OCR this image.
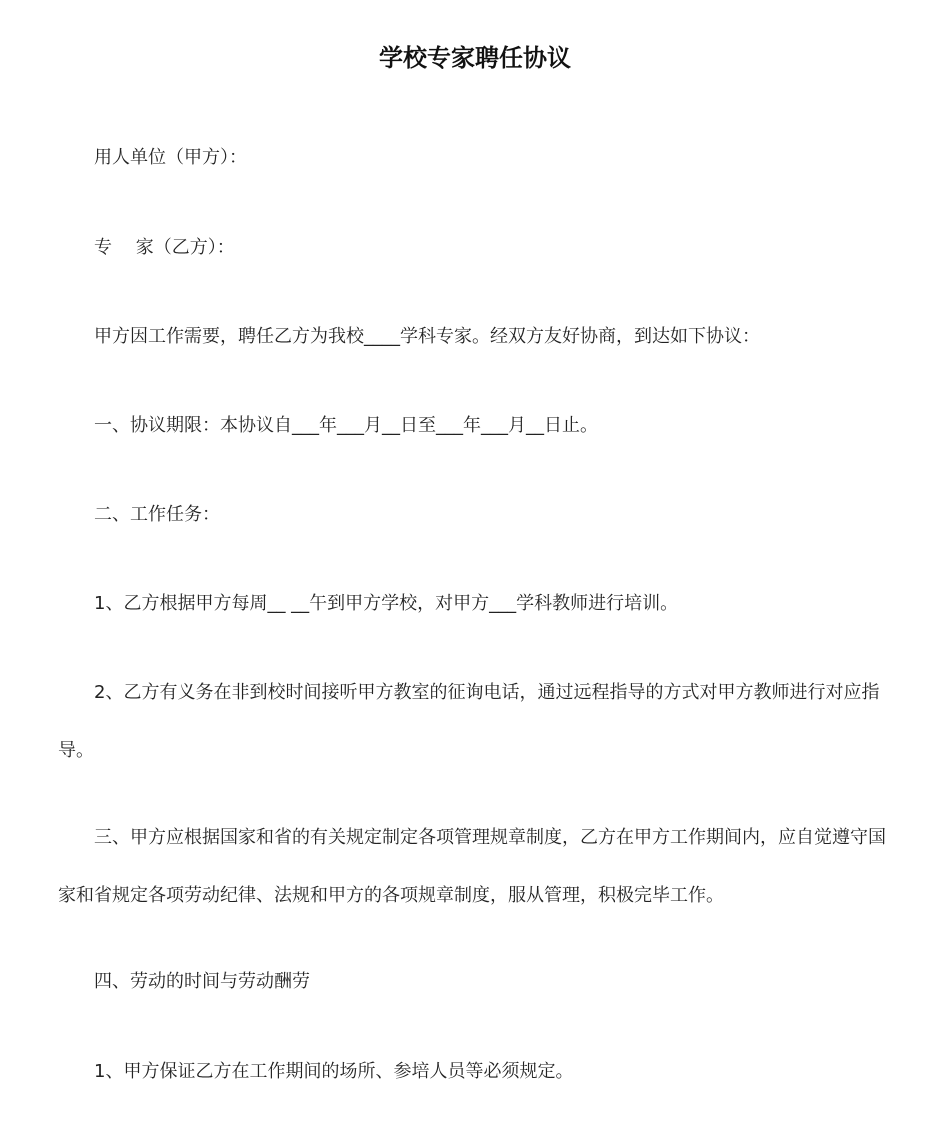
学校专家聘任协议

用人单位（甲方）：

专　 家（乙方）：

甲方因工作需要，聘任乙方为我校____学科专家。经双方友好协商，到达如下协议：

一、协议期限：本协议自___年___月__日至___年___月__日止。

二、工作任务：

1、乙方根据甲方每周__ __午到甲方学校，对甲方___学科教师进行培训。

2、乙方有义务在非到校时间接听甲方教室的征询电话，通过远程指导的方式对甲方教师进行对应指导。

三、甲方应根据国家和省的有关规定制定各项管理规章制度，乙方在甲方工作期间内，应自觉遵守国家和省规定各项劳动纪律、法规和甲方的各项规章制度，服从管理，积极完毕工作。

四、劳动的时间与劳动酬劳

1、甲方保证乙方在工作期间的场所、参培人员等必须规定。
